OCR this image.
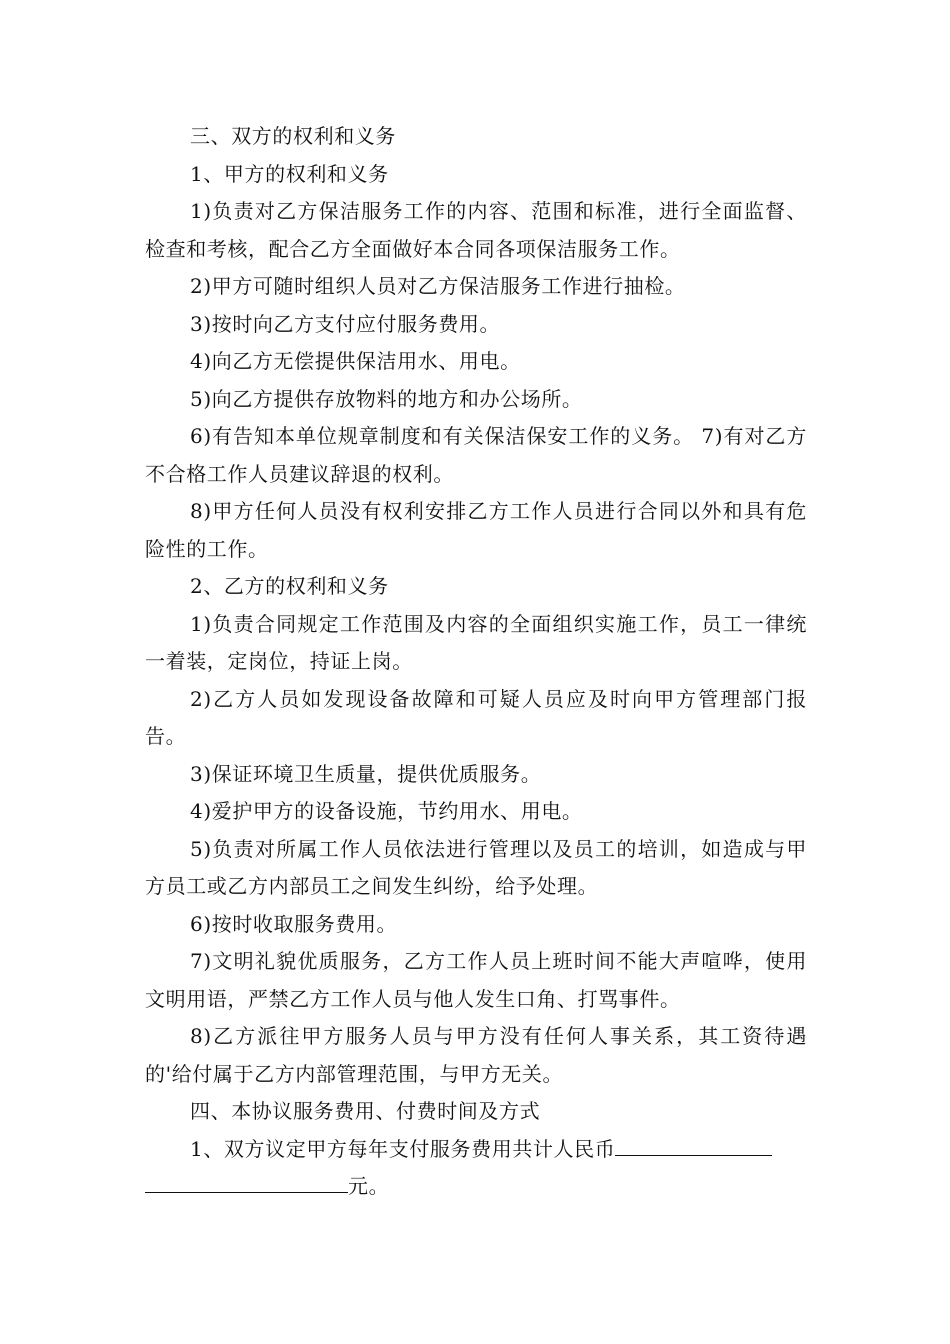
三、双方的权利和义务

1、甲方的权利和义务

1)负责对乙方保洁服务工作的内容、范围和标准，进行全面监督、检查和考核，配合乙方全面做好本合同各项保洁服务工作。

2)甲方可随时组织人员对乙方保洁服务工作进行抽检。

3)按时向乙方支付应付服务费用。

4)向乙方无偿提供保洁用水、用电。

5)向乙方提供存放物料的地方和办公场所。

6)有告知本单位规章制度和有关保洁保安工作的义务。 7)有对乙方不合格工作人员建议辞退的权利。

8)甲方任何人员没有权利安排乙方工作人员进行合同以外和具有危险性的工作。

2、乙方的权利和义务

1)负责合同规定工作范围及内容的全面组织实施工作，员工一律统一着装，定岗位，持证上岗。

2)乙方人员如发现设备故障和可疑人员应及时向甲方管理部门报告。

3)保证环境卫生质量，提供优质服务。

4)爱护甲方的设备设施，节约用水、用电。

5)负责对所属工作人员依法进行管理以及员工的培训，如造成与甲方员工或乙方内部员工之间发生纠纷，给予处理。

6)按时收取服务费用。

7)文明礼貌优质服务，乙方工作人员上班时间不能大声喧哗，使用文明用语，严禁乙方工作人员与他人发生口角、打骂事件。

8)乙方派往甲方服务人员与甲方没有任何人事关系，其工资待遇的'给付属于乙方内部管理范围，与甲方无关。

四、本协议服务费用、付费时间及方式

1、双方议定甲方每年支付服务费用共计人民币

元。
